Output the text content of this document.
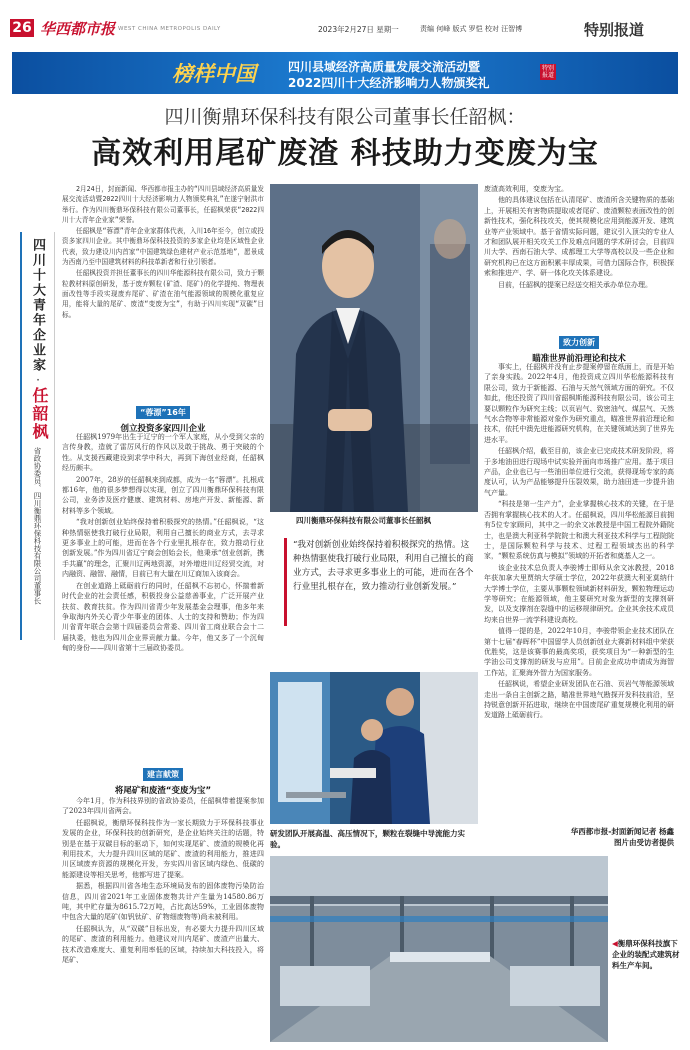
26 华西都市报 WEST CHINA METROPOLIS DAILY	2023年2月27日 星期一	责编 何峰 版式 罗恺 校对 汪智博	特别报道
榜样中国	四川县域经济高质量发展交流活动暨
2022四川十大经济影响力人物颁奖礼
特别报道
四川衡鼎环保科技有限公司董事长任韶枫：
高效利用尾矿废渣 科技助力变废为宝
四川十大青年企业家
·
任韶枫
省政协委员、四川衡鼎环保科技有限公司董事长

2月24日，封面新闻、华西都市报主办的“四川县域经济高质量发展交流活动暨2022四川十大经济影响力人物颁奖典礼”在遂宁射洪市举行。作为四川衡鼎环保科技有限公司董事长，任韶枫荣获“2022四川十大青年企业家”荣誉。

任韶枫是“蓉漂”青年企业家群体代表，入川16年至今，创立或投资多家四川企业。其中衡鼎环保科技投资的多家企业均是区域性企业代表，致力建设川内首家“中国建筑绿色建材产业示范基地”，愿景成为西南乃至中国建筑材料的科技革新者和行业引领者。

任韶枫投资并担任董事长的四川华能源科技有限公司，致力于颗粒教材料原创研发，基于废弃颗粒(矿渣、尾矿)的化学提纯、物理表面改性等手段实现废弃尾矿、矿渣在油气能源领域的规模化重复应用，能将大量的尾矿、废渣“变废为宝”，有助于四川实现“双碳”目标。

“蓉漂”16年
创立投资多家四川企业

任韶枫1979年出生于辽宁的一个军人家庭，从小受到父亲的言传身教，造就了雷厉风行的作风以及敢于挑战、勇于突破的个性。从支援西藏建设到求学中科大，再到下海创业经商，任韶枫经历颇丰。

2007年，28岁的任韶枫来到成都，成为一名“蓉漂”。扎根成都16年，他的很多梦想得以实现，创立了四川衡鼎环保科技有限公司，业务涉及医疗健康、建筑材料、房地产开发、新能源、新材料等多个领域。

“我对创新创业始终保持着积极探究的热情。”任韶枫说，“这种热情驱使我打破行业局限，利用自己擅长的商业方式，去寻求更多事业上的可能，进而在各个行业里扎根存在，致力推动行业创新发展。”作为四川省辽宁商会创始会长，他秉承“创业创新，携手共赢”的理念，汇聚川辽两地资源，对外增进川辽经贸交流，对内融资、融智、融情，目前已有大量在川辽商加入该商会。

在创业道路上砥砺前行的同时，任韶枫不忘初心，怀揣着新时代企业的社会责任感，积极投身公益慈善事业，广泛开展产业扶贫、教育扶贫。作为四川省青少年发展基金会理事，他多年来争取海内外关心青少年事业的团体、人士的支持和赞助；作为四川省青年联合会第十四届委员会常委、四川省工商业联合会十二届执委，他也为四川企业界贡献力量。今年，他又多了一个沉甸甸的身份——四川省第十三届政协委员。

建言献策
将尾矿和废渣“变废为宝”

今年1月，作为科技界别的省政协委员，任韶枫带着提案参加了2023年四川省两会。

任韶枫说，衡鼎环保科技作为一家长期致力于环保科技事业发展的企业，环保科技的创新研究，是企业始终关注的话题，特别是在基于双碳目标的驱动下，如何实现尾矿、废渣的规模化再利用技术，大力提升四川区域的尾矿、废渣的利用能力，推进四川区域废弃资源的规模化开发，夯实四川省区域内绿色、低碳的能源建设等相关思考，他都写进了提案。

据悉，根据四川省各地生态环境局发布的固体废物污染防治信息，四川省2021年工业固体废物共计产生量为14580.86万吨，其中贮存量为8615.72万吨，占比高达59%，工业固体废物中包含大量的尾矿(如钒钛矿、矿物细废物等)尚未被利用。

任韶枫认为，从“双碳”目标出发，有必要大力提升四川区域的尾矿、废渣的利用能力。他建议对川内尾矿、废渣产出量大、技术改造难度大、重复利用率低的区域，持续加大科技投入，将尾矿、

四川衡鼎环保科技有限公司董事长任韶枫
“我对创新创业始终保持着积极探究的热情。这种热情驱使我打破行业局限，利用自己擅长的商业方式，去寻求更多事业上的可能，进而在各个行业里扎根存在，致力推动行业创新发展。”
研发团队开展高温、高压情况下，颗粒在裂缝中导流能力实验。

废渣高效利用，变废为宝。

他的具体建议包括在认清尾矿、废渣所含关键物质的基础上，开展相关有害物质提取或者尾矿、废渣颗粒表面改性的创新性技术，强化科技攻关，使其规模化应用到能源开发、建筑业等产业领域中。基于省情实际问题，建议引入顶尖的专业人才和团队展开相关攻关工作及难点问题的学术研讨会，目前四川大学、西南石油大学、成都理工大学等高校以及一些企业和研究机构已在这方面积累丰厚成果，可借力国际合作，积极探索和推进产、学、研一体化攻关体系建设。

目前，任韶枫的提案已经送交相关承办单位办理。

致力创新
瞄准世界前沿理论和技术

事实上，任韶枫并没有止步提案停留在纸面上，而是开始了亲身实践。2022年4月，他投资成立四川华松能源科技有限公司，致力于新能源、石油与天然气领域方面的研究。不仅如此，他还投资了四川省韶枫斯能源科技有限公司，该公司主要以颗粒作为研究主线；以页岩气、致密油气、煤层气、天然气水合物等非常能源对象作为研究重点，瞄准世界前沿理论和技术，依托中澳先进能源研究机构，在关键领域达到了世界先进水平。

任韶枫介绍，截至目前，该企业已完成技术研发阶段，将于多地油田进行现场中试实验并面向市场推广应用。基于项目产品，企业也已与一些油田单位进行交流，获得现场专家的高度认可，认为产品能够提升压裂效果，助力油田进一步提升油气产量。

“科技是第一生产力”，企业掌握核心技术的关键，在于是否拥有掌握核心技术的人才。任韶枫说，四川华松能源目前拥有5位专家顾问，其中之一的余文冰教授是中国工程院外籍院士，也是澳大利亚科学院院士和澳大利亚技术科学与工程院院士，是国际颗粒科学与技术、过程工程领域杰出的科学家，“颗粒系统仿真与模拟”领域的开拓者和奠基人之一。

该企业技术总负责人李骏博士即师从余文冰教授，2018年获加拿大里贾纳大学硕士学位，2022年获澳大利亚莫纳什大学博士学位，主要从事颗粒领域新材料研发，颗粒物理运动学等研究；在能源领域，他主要研究对象为新型的支撑剂研发，以及支撑剂在裂缝中的运移规律研究。企业其余技术成员均来自世界一流学科建设高校。

值得一提的是，2022年10月，李骏带领企业技术团队在第十七届“春晖杯”中国留学人员创新创业大赛新材料组中荣获优胜奖，这是该赛事的最高奖项，获奖项目为“一种新型的生学油公司支撑剂的研发与应用”。目前企业成功申请成为海智工作站，汇聚海外智力为国家服务。

任韶枫说，希望企业研发团队在石油、页岩气等能源领域走出一条自主创新之路，瞄准世界地气勘探开发科技前沿，坚持锐意创新开拓进取，继续在中国废尾矿重复规模化利用的研发道路上砥砺前行。

华西都市报-封面新闻记者 杨鑫
图片由受访者提供
◀衡鼎环保科技旗下企业的装配式建筑材料生产车间。
